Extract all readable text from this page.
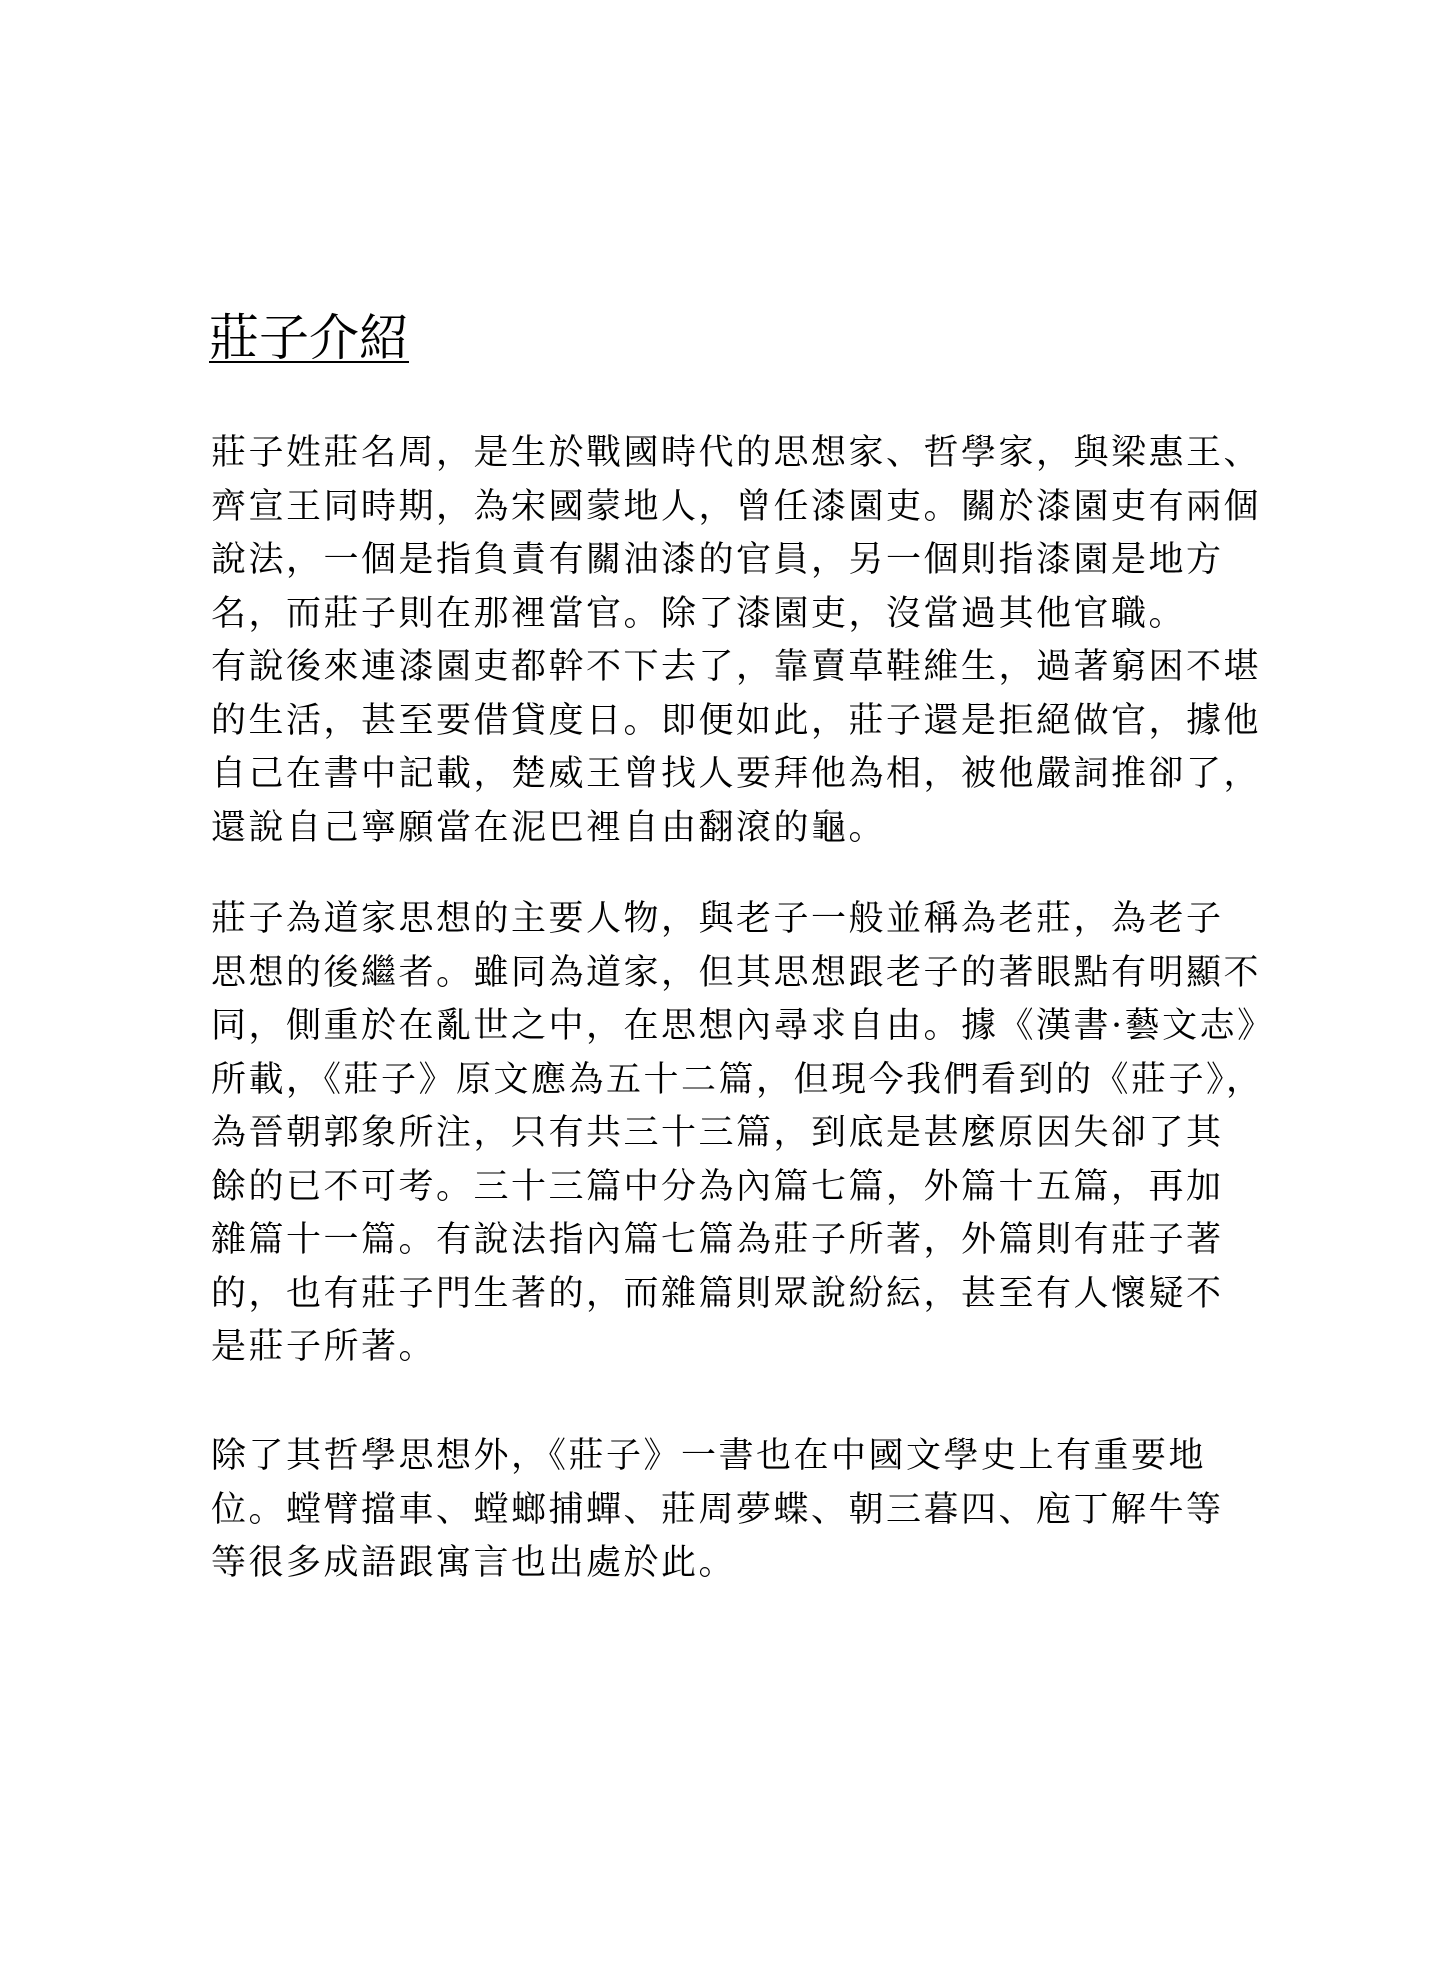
莊子介紹
莊子姓莊名周，是生於戰國時代的思想家、哲學家，與梁惠王、
齊宣王同時期，為宋國蒙地人，曾任漆園吏。關於漆園吏有兩個
說法，一個是指負責有關油漆的官員，另一個則指漆園是地方
名，而莊子則在那裡當官。除了漆園吏，沒當過其他官職。
有說後來連漆園吏都幹不下去了，靠賣草鞋維生，過著窮困不堪
的生活，甚至要借貸度日。即便如此，莊子還是拒絕做官，據他
自己在書中記載，楚威王曾找人要拜他為相，被他嚴詞推卻了，
還說自己寧願當在泥巴裡自由翻滾的龜。
莊子為道家思想的主要人物，與老子一般並稱為老莊，為老子
思想的後繼者。雖同為道家，但其思想跟老子的著眼點有明顯不
同，側重於在亂世之中，在思想內尋求自由。據《漢書·藝文志》
所載，《莊子》原文應為五十二篇，但現今我們看到的《莊子》，
為晉朝郭象所注，只有共三十三篇，到底是甚麼原因失卻了其
餘的已不可考。三十三篇中分為內篇七篇，外篇十五篇，再加
雜篇十一篇。有說法指內篇七篇為莊子所著，外篇則有莊子著
的，也有莊子門生著的，而雜篇則眾說紛紜，甚至有人懷疑不
是莊子所著。
除了其哲學思想外，《莊子》一書也在中國文學史上有重要地
位。螳臂擋車、螳螂捕蟬、莊周夢蝶、朝三暮四、庖丁解牛等
等很多成語跟寓言也出處於此。
